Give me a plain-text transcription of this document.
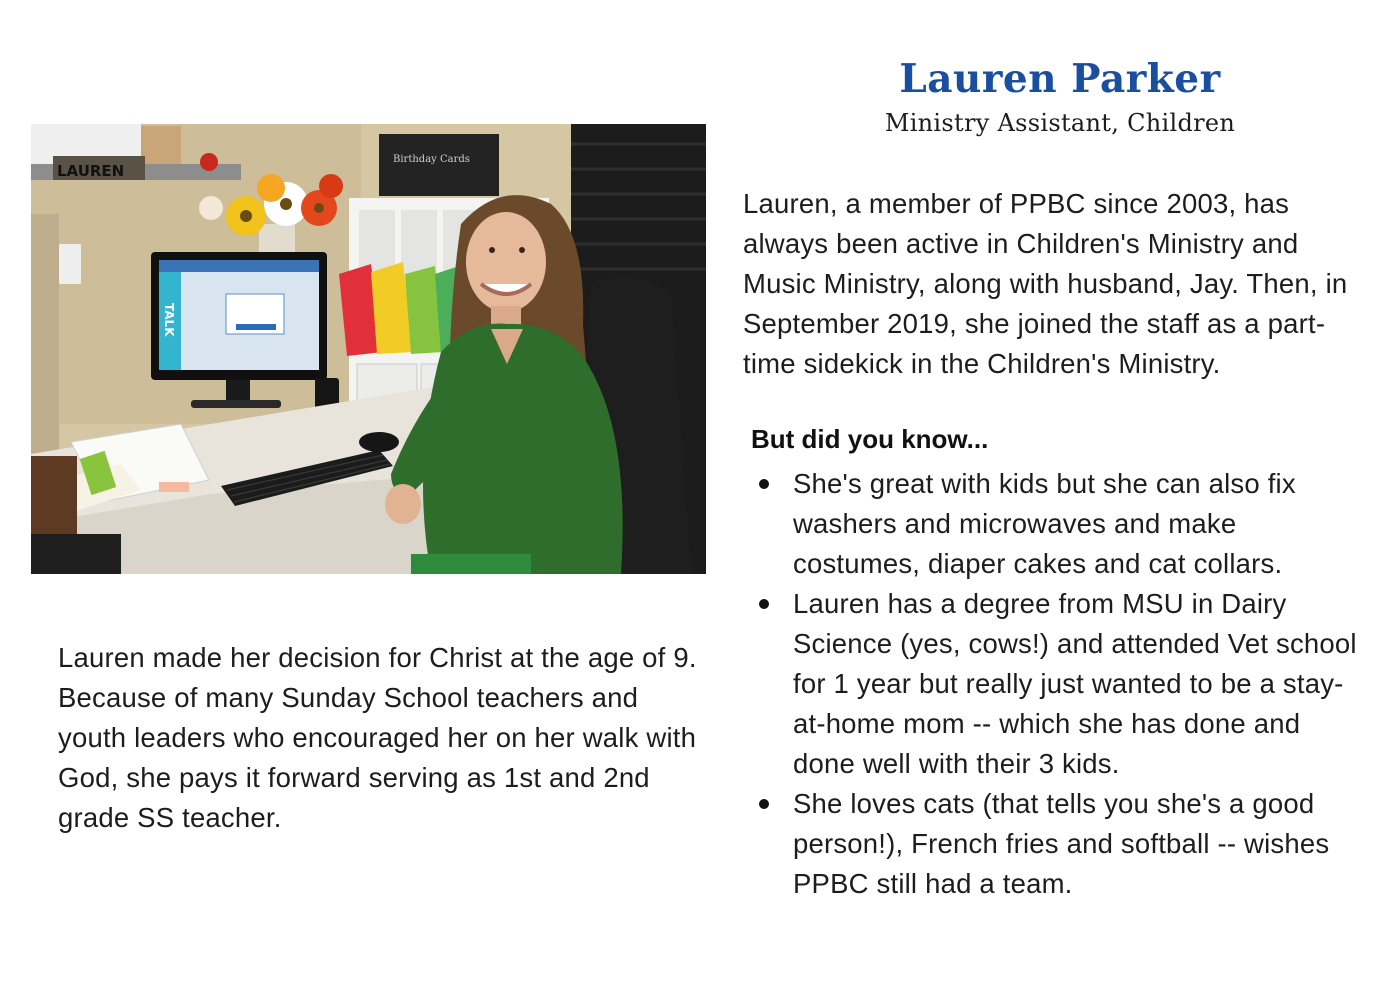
Birthday Cards
LAUREN
TALK
Lauren Parker
Ministry Assistant, Children

Lauren, a member of PPBC since 2003, has always been active in Children's Ministry and Music Ministry, along with husband, Jay. Then, in September 2019, she joined the staff as a part-time sidekick in the Children's Ministry.

But did you know...
She's great with kids but she can also fix washers and microwaves and make costumes, diaper cakes and cat collars.
Lauren has a degree from MSU in Dairy Science (yes, cows!) and attended Vet school for 1 year but really just wanted to be a stay-at-home mom -- which she has done and done well with their 3 kids.
She loves cats (that tells you she's a good person!), French fries and softball -- wishes PPBC still had a team.

Lauren made her decision for Christ at the age of 9. Because of many Sunday School teachers and youth leaders who encouraged her on her walk with God, she pays it forward serving as 1st and 2nd grade SS teacher.
